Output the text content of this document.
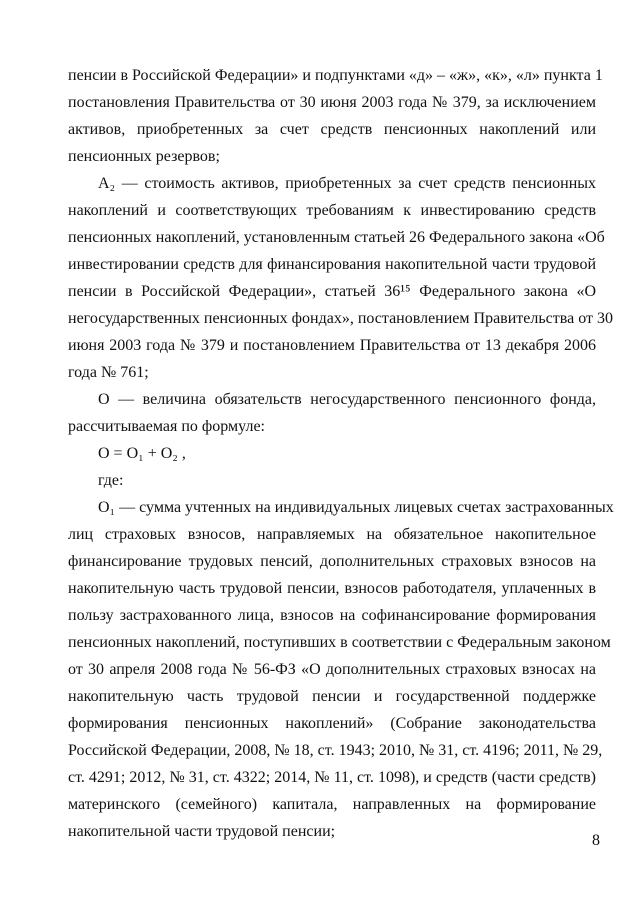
пенсии в Российской Федерации» и подпунктами «д» – «ж», «к», «л» пункта 1
постановления Правительства от 30 июня 2003 года № 379, за исключением
активов, приобретенных за счет средств пенсионных накоплений или
пенсионных резервов;
А₂ — стоимость активов, приобретенных за счет средств пенсионных
накоплений и соответствующих требованиям к инвестированию средств
пенсионных накоплений, установленным статьей 26 Федерального закона «Об
инвестировании средств для финансирования накопительной части трудовой
пенсии в Российской Федерации», статьей 36¹⁵ Федерального закона «О
негосударственных пенсионных фондах», постановлением Правительства от 30
июня 2003 года № 379 и постановлением Правительства от 13 декабря 2006
года № 761;
О — величина обязательств негосударственного пенсионного фонда,
рассчитываемая по формуле:
О = О₁ + О₂ ,
где:
О₁ — сумма учтенных на индивидуальных лицевых счетах застрахованных
лиц страховых взносов, направляемых на обязательное накопительное
финансирование трудовых пенсий, дополнительных страховых взносов на
накопительную часть трудовой пенсии, взносов работодателя, уплаченных в
пользу застрахованного лица, взносов на софинансирование формирования
пенсионных накоплений, поступивших в соответствии с Федеральным законом
от 30 апреля 2008 года № 56-ФЗ «О дополнительных страховых взносах на
накопительную часть трудовой пенсии и государственной поддержке
формирования пенсионных накоплений» (Собрание законодательства
Российской Федерации, 2008, № 18, ст. 1943; 2010, № 31, ст. 4196; 2011, № 29,
ст. 4291; 2012, № 31, ст. 4322; 2014, № 11, ст. 1098), и средств (части средств)
материнского (семейного) капитала, направленных на формирование
накопительной части трудовой пенсии;
8
